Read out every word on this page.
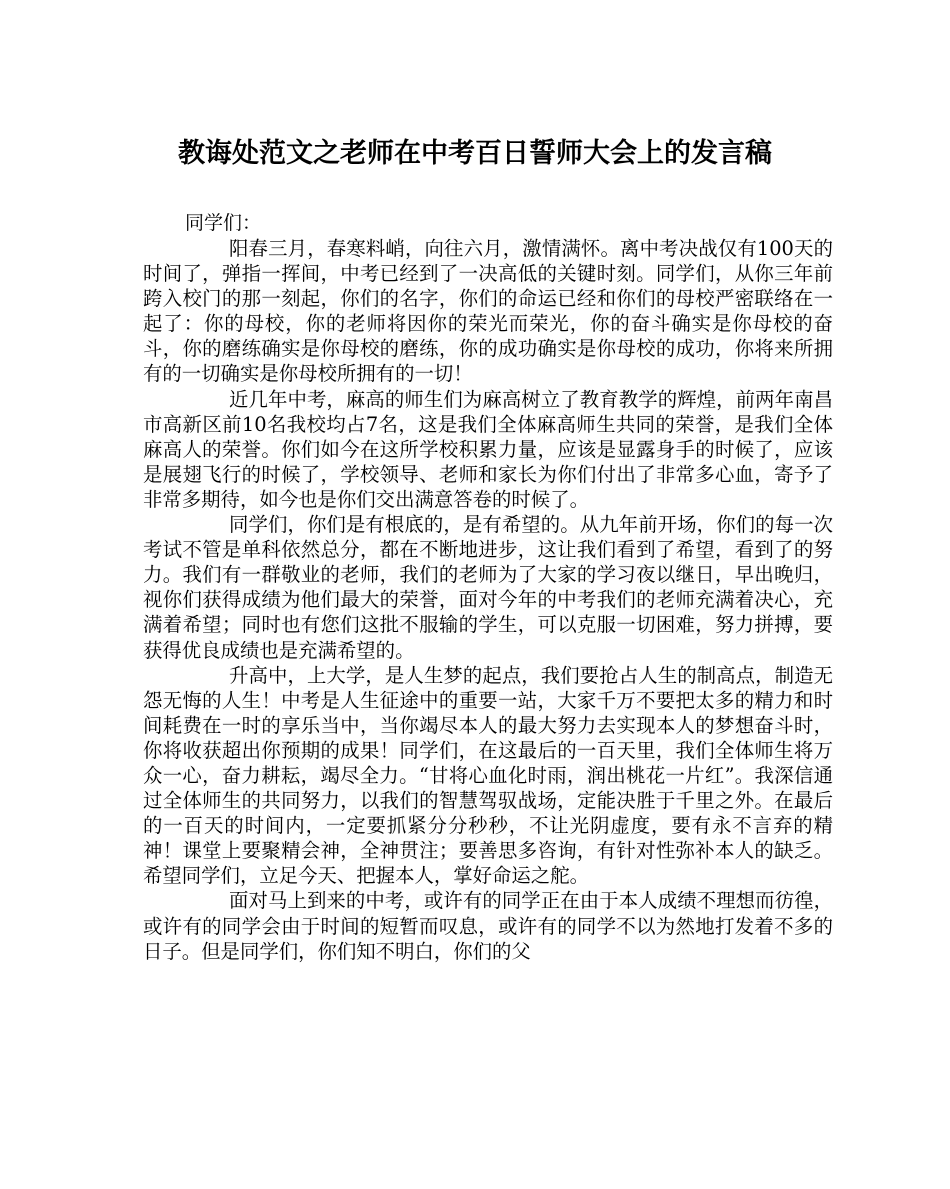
教诲处范文之老师在中考百日誓师大会上的发言稿
同学们：

阳春三月，春寒料峭，向往六月，激情满怀。离中考决战仅有100天的时间了，弹指一挥间，中考已经到了一决高低的关键时刻。同学们，从你三年前跨入校门的那一刻起，你们的名字，你们的命运已经和你们的母校严密联络在一起了：你的母校，你的老师将因你的荣光而荣光，你的奋斗确实是你母校的奋斗，你的磨练确实是你母校的磨练，你的成功确实是你母校的成功，你将来所拥有的一切确实是你母校所拥有的一切！

近几年中考，麻高的师生们为麻高树立了教育教学的辉煌，前两年南昌市高新区前10名我校均占7名，这是我们全体麻高师生共同的荣誉，是我们全体麻高人的荣誉。你们如今在这所学校积累力量，应该是显露身手的时候了，应该是展翅飞行的时候了，学校领导、老师和家长为你们付出了非常多心血，寄予了非常多期待，如今也是你们交出满意答卷的时候了。

同学们，你们是有根底的，是有希望的。从九年前开场，你们的每一次考试不管是单科依然总分，都在不断地进步，这让我们看到了希望，看到了的努力。我们有一群敬业的老师，我们的老师为了大家的学习夜以继日，早出晚归，视你们获得成绩为他们最大的荣誉，面对今年的中考我们的老师充满着决心，充满着希望；同时也有您们这批不服输的学生，可以克服一切困难，努力拼搏，要获得优良成绩也是充满希望的。

升高中，上大学，是人生梦的起点，我们要抢占人生的制高点，制造无怨无悔的人生！中考是人生征途中的重要一站，大家千万不要把太多的精力和时间耗费在一时的享乐当中，当你竭尽本人的最大努力去实现本人的梦想奋斗时，你将收获超出你预期的成果！同学们，在这最后的一百天里，我们全体师生将万众一心，奋力耕耘，竭尽全力。“甘将心血化时雨，润出桃花一片红”。我深信通过全体师生的共同努力，以我们的智慧驾驭战场，定能决胜于千里之外。在最后的一百天的时间内，一定要抓紧分分秒秒，不让光阴虚度，要有永不言弃的精神！课堂上要聚精会神，全神贯注；要善思多咨询，有针对性弥补本人的缺乏。希望同学们，立足今天、把握本人，掌好命运之舵。

面对马上到来的中考，或许有的同学正在由于本人成绩不理想而彷徨，或许有的同学会由于时间的短暂而叹息，或许有的同学不以为然地打发着不多的日子。但是同学们，你们知不明白，你们的父
